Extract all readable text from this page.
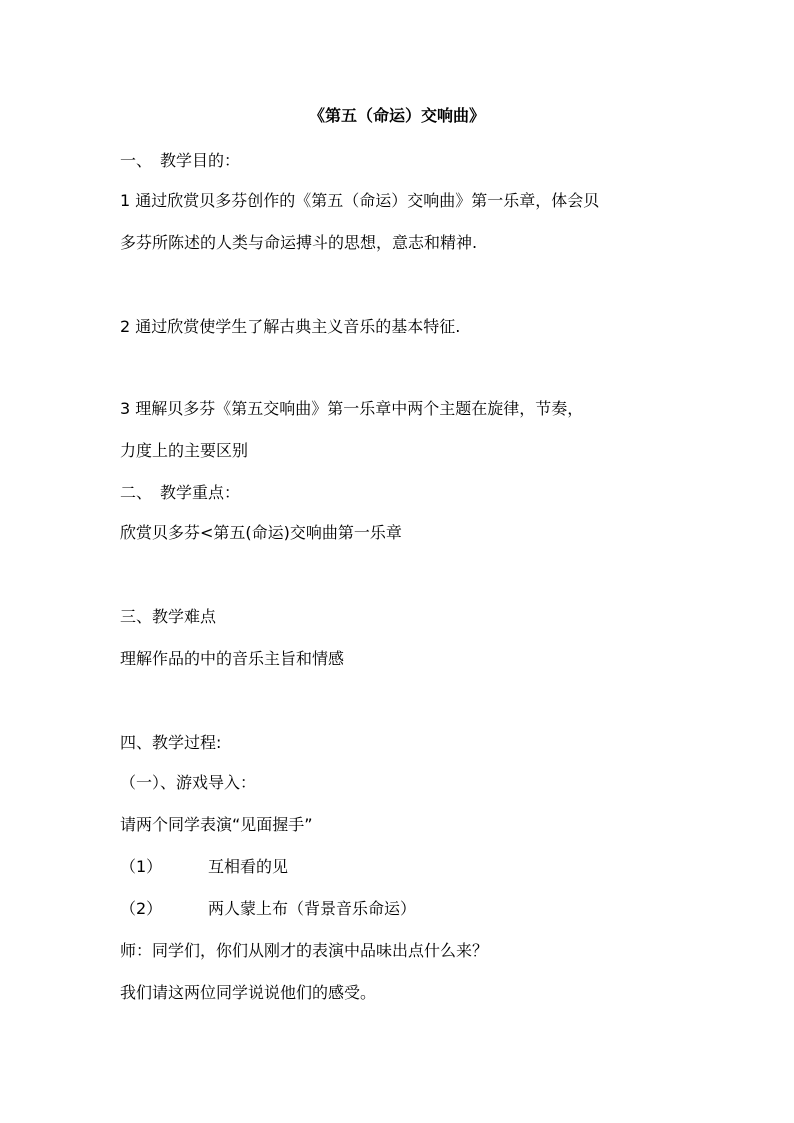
《第五（命运）交响曲》
一、　教学目的：
1 通过欣赏贝多芬创作的《第五（命运）交响曲》第一乐章，体会贝
多芬所陈述的人类与命运搏斗的思想，意志和精神.
2 通过欣赏使学生了解古典主义音乐的基本特征.
3 理解贝多芬《第五交响曲》第一乐章中两个主题在旋律，节奏，
力度上的主要区别
二、　教学重点：
欣赏贝多芬<第五(命运)交响曲第一乐章
三、教学难点
理解作品的中的音乐主旨和情感
四、教学过程:
（一）、游戏导入：
请两个同学表演“见面握手”
（1）	互相看的见
（2）	两人蒙上布（背景音乐命运）
师：同学们，你们从刚才的表演中品味出点什么来？
我们请这两位同学说说他们的感受。
